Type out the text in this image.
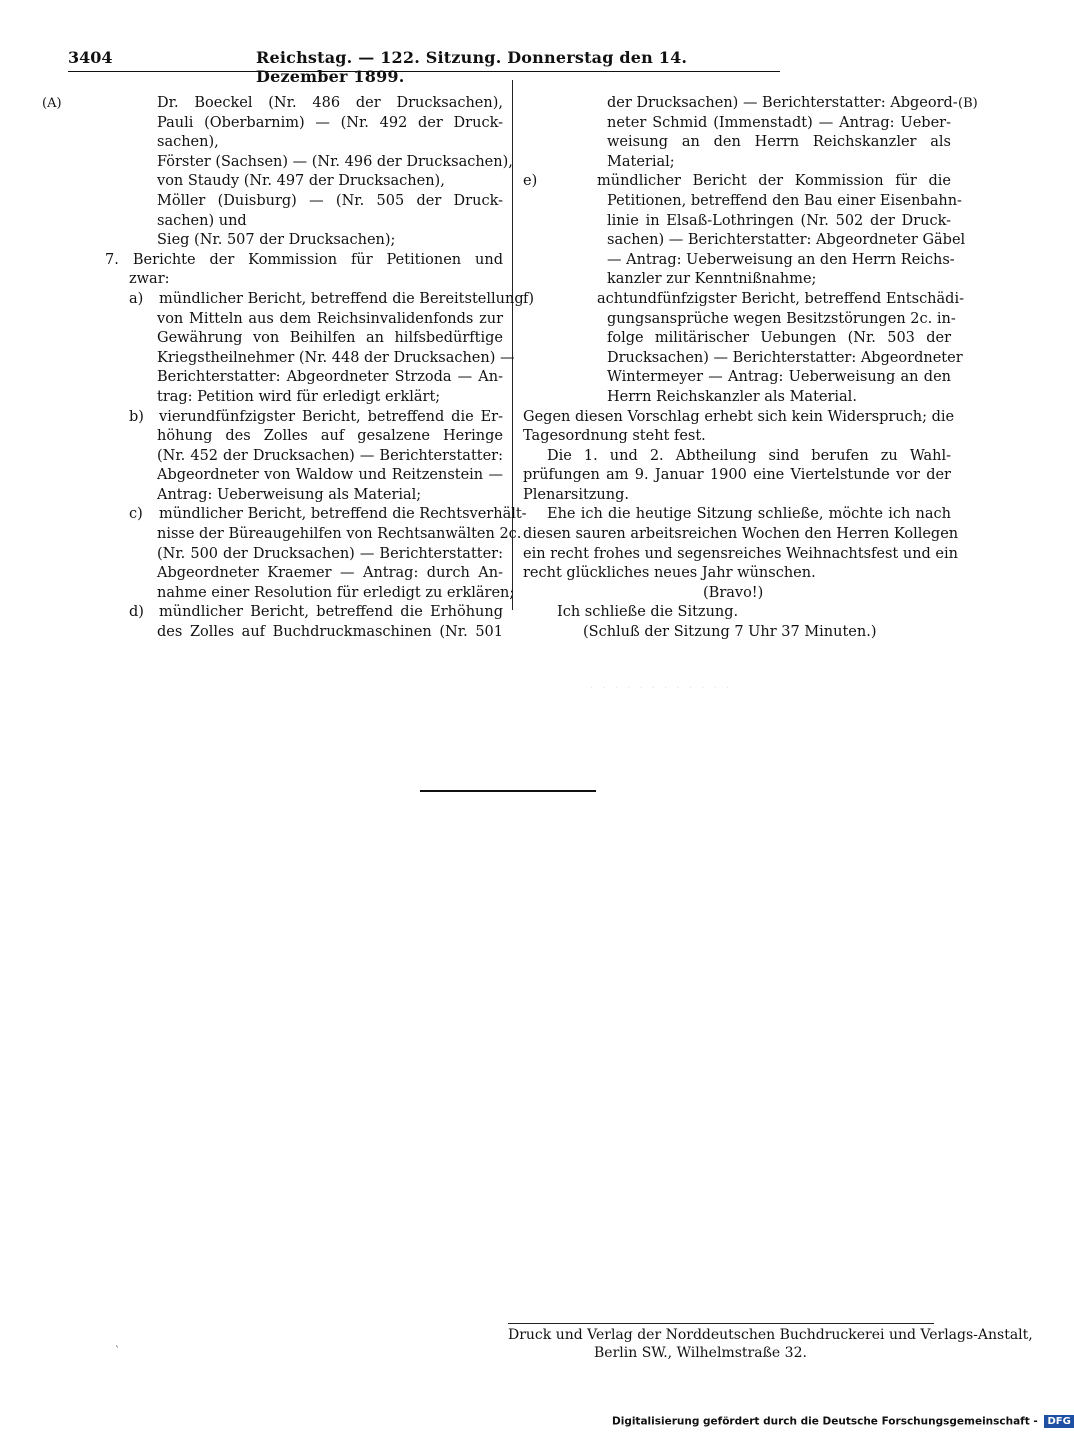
3404	Reichstag. — 122. Sitzung. Donnerstag den 14. Dezember 1899.
(A)	(B)
Dr. Boeckel (Nr. 486 der Drucksachen),
Pauli (Oberbarnim) — (Nr. 492 der Druck-
sachen),
Förster (Sachsen) — (Nr. 496 der Drucksachen),
von Staudy (Nr. 497 der Drucksachen),
Möller (Duisburg) — (Nr. 505 der Druck-
sachen) und
Sieg (Nr. 507 der Drucksachen);
7. Berichte der Kommission für Petitionen und
zwar:
a) mündlicher Bericht, betreffend die Bereitstellung
von Mitteln aus dem Reichsinvalidenfonds zur
Gewährung von Beihilfen an hilfsbedürftige
Kriegstheilnehmer (Nr. 448 der Drucksachen) —
Berichterstatter: Abgeordneter Strzoda — An-
trag: Petition wird für erledigt erklärt;
b) vierundfünfzigster Bericht, betreffend die Er-
höhung des Zolles auf gesalzene Heringe
(Nr. 452 der Drucksachen) — Berichterstatter:
Abgeordneter von Waldow und Reitzenstein —
Antrag: Ueberweisung als Material;
c) mündlicher Bericht, betreffend die Rechtsverhält-
nisse der Büreaugehilfen von Rechtsanwälten 2c.
(Nr. 500 der Drucksachen) — Berichterstatter:
Abgeordneter Kraemer — Antrag: durch An-
nahme einer Resolution für erledigt zu erklären;
d) mündlicher Bericht, betreffend die Erhöhung
des Zolles auf Buchdruckmaschinen (Nr. 501
der Drucksachen) — Berichterstatter: Abgeord-
neter Schmid (Immenstadt) — Antrag: Ueber-
weisung an den Herrn Reichskanzler als
Material;
e)	mündlicher Bericht der Kommission für die
Petitionen, betreffend den Bau einer Eisenbahn-
linie in Elsaß-Lothringen (Nr. 502 der Druck-
sachen) — Berichterstatter: Abgeordneter Gäbel
— Antrag: Ueberweisung an den Herrn Reichs-
kanzler zur Kenntnißnahme;
f)	achtundfünfzigster Bericht, betreffend Entschädi-
gungsansprüche wegen Besitzstörungen 2c. in-
folge militärischer Uebungen (Nr. 503 der
Drucksachen) — Berichterstatter: Abgeordneter
Wintermeyer — Antrag: Ueberweisung an den
Herrn Reichskanzler als Material.
Gegen diesen Vorschlag erhebt sich kein Widerspruch; die
Tagesordnung steht fest.
Die 1. und 2. Abtheilung sind berufen zu Wahl-
prüfungen am 9. Januar 1900 eine Viertelstunde vor der
Plenarsitzung.
Ehe ich die heutige Sitzung schließe, möchte ich nach
diesen sauren arbeitsreichen Wochen den Herren Kollegen
ein recht frohes und segensreiches Weihnachtsfest und ein
recht glückliches neues Jahr wünschen.
(Bravo!)
Ich schließe die Sitzung.
(Schluß der Sitzung 7 Uhr 37 Minuten.)
. . . . . . . . . . . .
`
Druck und Verlag der Norddeutschen Buchdruckerei und Verlags-Anstalt,
Berlin SW., Wilhelmstraße 32.
Digitalisierung gefördert durch die Deutsche Forschungsgemeinschaft - DFG
